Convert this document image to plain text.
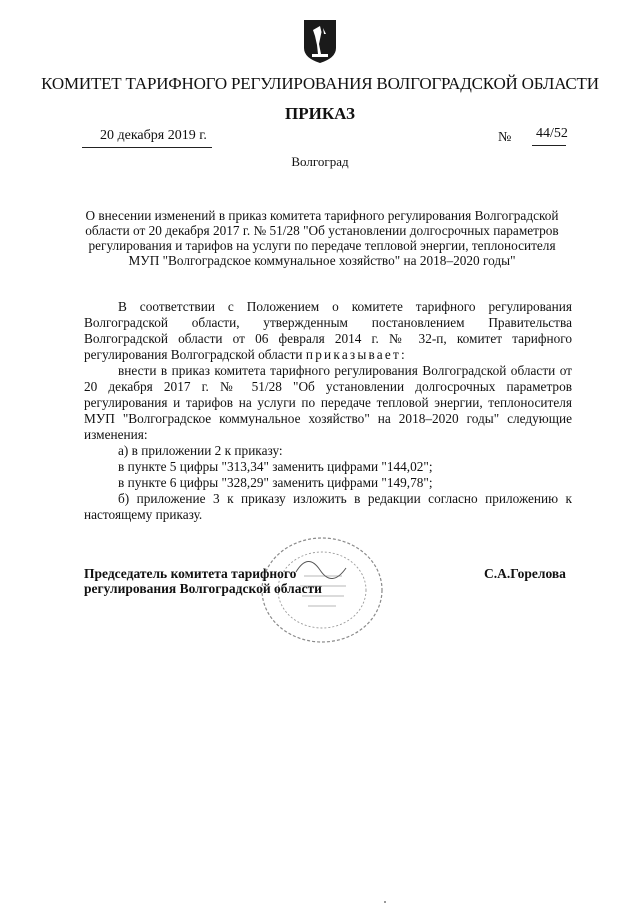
КОМИТЕТ ТАРИФНОГО РЕГУЛИРОВАНИЯ ВОЛГОГРАДСКОЙ ОБЛАСТИ
ПРИКАЗ
20 декабря 2019 г.	№ 44/52
Волгоград
О внесении изменений в приказ комитета тарифного регулирования Волгоградской области от 20 декабря 2017 г. № 51/28 "Об установлении долгосрочных параметров регулирования и тарифов на услуги по передаче тепловой энергии, теплоносителя МУП "Волгоградское коммунальное хозяйство" на 2018–2020 годы"

В соответствии с Положением о комитете тарифного регулирования Волгоградской области, утвержденным постановлением Правительства Волгоградской области от 06 февраля 2014 г. № 32-п, комитет тарифного регулирования Волгоградской области приказывает:

внести в приказ комитета тарифного регулирования Волгоградской области от 20 декабря 2017 г. № 51/28 "Об установлении долгосрочных параметров регулирования и тарифов на услуги по передаче тепловой энергии, теплоносителя МУП "Волгоградское коммунальное хозяйство" на 2018–2020 годы" следующие изменения:

а) в приложении 2 к приказу:

в пункте 5 цифры "313,34" заменить цифрами "144,02";

в пункте 6 цифры "328,29" заменить цифрами "149,78";

б) приложение 3 к приказу изложить в редакции согласно приложению к настоящему приказу.

Председатель комитета тарифного
регулирования Волгоградской области
С.А.Горелова
